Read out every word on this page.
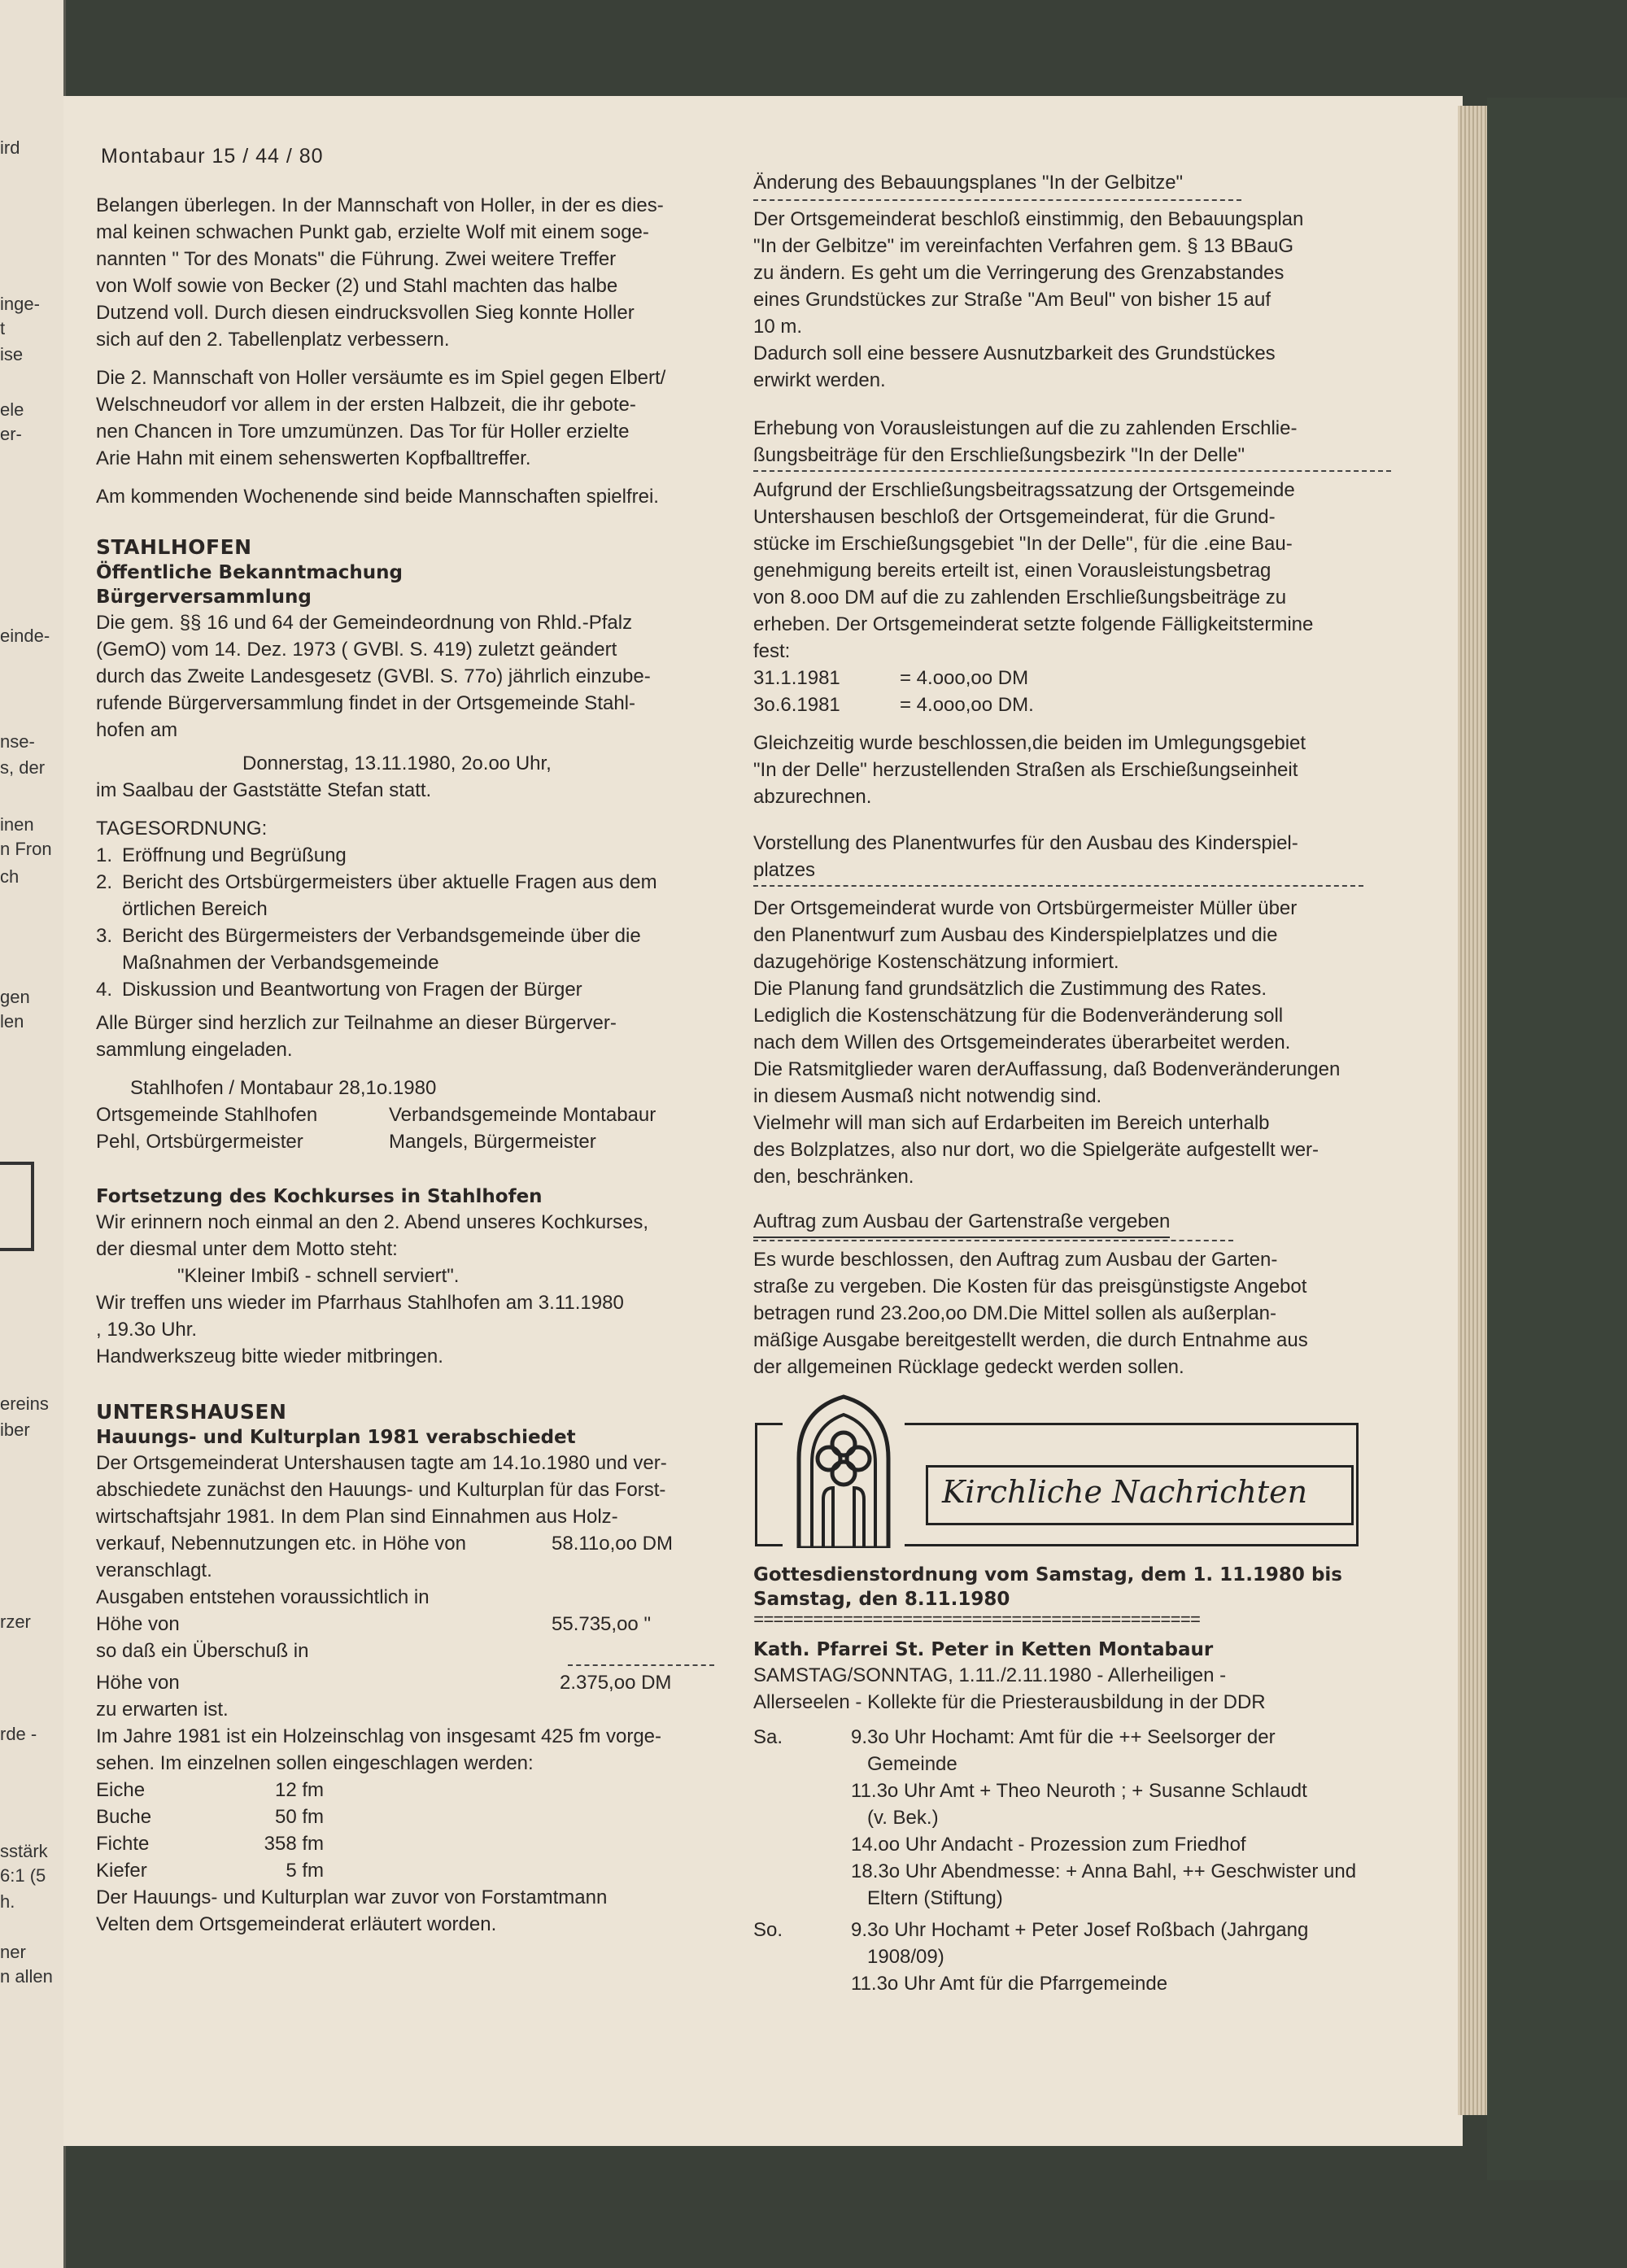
ird
inge-
t
ise
ele
er-
einde-
nse-
s, der
inen
n Fron
ch
gen
len
ereins
iber
rzer
rde -
sstärk
6:1 (5
h.
ner
n allen
Montabaur 15 / 44 / 80

Belangen überlegen. In der Mannschaft von Holler, in der es dies-

mal keinen schwachen Punkt gab, erzielte Wolf mit einem soge-

nannten " Tor des Monats" die Führung. Zwei weitere Treffer

von Wolf sowie von Becker (2) und Stahl machten das halbe

Dutzend voll. Durch diesen eindrucksvollen Sieg konnte Holler

sich auf den 2. Tabellenplatz verbessern.

Die 2. Mannschaft von Holler versäumte es im Spiel gegen Elbert/

Welschneudorf vor allem in der ersten Halbzeit, die ihr gebote-

nen Chancen in Tore umzumünzen. Das Tor für Holler erzielte

Arie Hahn mit einem sehenswerten Kopfballtreffer.

Am kommenden Wochenende sind beide Mannschaften spielfrei.

STAHLHOFEN
Öffentliche Bekanntmachung
Bürgerversammlung

Die gem. §§ 16 und 64 der Gemeindeordnung von Rhld.-Pfalz

(GemO) vom 14. Dez. 1973 ( GVBl. S. 419) zuletzt geändert

durch das Zweite Landesgesetz (GVBl. S. 77o) jährlich einzube-

rufende Bürgerversammlung findet in der Ortsgemeinde Stahl-

hofen am

Donnerstag, 13.11.1980, 2o.oo Uhr,

im Saalbau der Gaststätte Stefan statt.

TAGESORDNUNG:

1. Eröffnung und Begrüßung

2. Bericht des Ortsbürgermeisters über aktuelle Fragen aus dem

örtlichen Bereich

3. Bericht des Bürgermeisters der Verbandsgemeinde über die

Maßnahmen der Verbandsgemeinde

4. Diskussion und Beantwortung von Fragen der Bürger

Alle Bürger sind herzlich zur Teilnahme an dieser Bürgerver-

sammlung eingeladen.

Stahlhofen / Montabaur 28,1o.1980

Ortsgemeinde Stahlhofen	Verbandsgemeinde Montabaur
Pehl, Ortsbürgermeister	Mangels, Bürgermeister
Fortsetzung des Kochkurses in Stahlhofen

Wir erinnern noch einmal an den 2. Abend unseres Kochkurses,

der diesmal unter dem Motto steht:

"Kleiner Imbiß - schnell serviert".

Wir treffen uns wieder im Pfarrhaus Stahlhofen am 3.11.1980

, 19.3o Uhr.

Handwerkszeug bitte wieder mitbringen.

UNTERSHAUSEN
Hauungs- und Kulturplan 1981 verabschiedet

Der Ortsgemeinderat Untershausen tagte am 14.1o.1980 und ver-

abschiedete zunächst den Hauungs- und Kulturplan für das Forst-

wirtschaftsjahr 1981. In dem Plan sind Einnahmen aus Holz-

verkauf, Nebennutzungen etc. in Höhe von	58.11o,oo DM

veranschlagt.

Ausgaben entstehen voraussichtlich in

Höhe von	55.735,oo "

so daß ein Überschuß in

Höhe von	2.375,oo DM

zu erwarten ist.

Im Jahre 1981 ist ein Holzeinschlag von insgesamt 425 fm vorge-

sehen. Im einzelnen sollen eingeschlagen werden:

Eiche	12 fm
Buche	50 fm
Fichte	358 fm
Kiefer	5 fm

Der Hauungs- und Kulturplan war zuvor von Forstamtmann

Velten dem Ortsgemeinderat erläutert worden.

Änderung des Bebauungsplanes "In der Gelbitze"

Der Ortsgemeinderat beschloß einstimmig, den Bebauungsplan

"In der Gelbitze" im vereinfachten Verfahren gem. § 13 BBauG

zu ändern. Es geht um die Verringerung des Grenzabstandes

eines Grundstückes zur Straße "Am Beul" von bisher 15 auf

10 m.

Dadurch soll eine bessere Ausnutzbarkeit des Grundstückes

erwirkt werden.

Erhebung von Vorausleistungen auf die zu zahlenden Erschlie-

ßungsbeiträge für den Erschließungsbezirk "In der Delle"

Aufgrund der Erschließungsbeitragssatzung der Ortsgemeinde

Untershausen beschloß der Ortsgemeinderat, für die Grund-

stücke im Erschießungsgebiet "In der Delle", für die .eine Bau-

genehmigung bereits erteilt ist, einen Vorausleistungsbetrag

von 8.ooo DM auf die zu zahlenden Erschließungsbeiträge zu

erheben. Der Ortsgemeinderat setzte folgende Fälligkeitstermine

fest:

31.1.1981	= 4.ooo,oo DM
3o.6.1981	= 4.ooo,oo DM.

Gleichzeitig wurde beschlossen,die beiden im Umlegungsgebiet

"In der Delle" herzustellenden Straßen als Erschießungseinheit

abzurechnen.

Vorstellung des Planentwurfes für den Ausbau des Kinderspiel-

platzes

Der Ortsgemeinderat wurde von Ortsbürgermeister Müller über

den Planentwurf zum Ausbau des Kinderspielplatzes und die

dazugehörige Kostenschätzung informiert.

Die Planung fand grundsätzlich die Zustimmung des Rates.

Lediglich die Kostenschätzung für die Bodenveränderung soll

nach dem Willen des Ortsgemeinderates überarbeitet werden.

Die Ratsmitglieder waren derAuffassung, daß Bodenveränderungen

in diesem Ausmaß nicht notwendig sind.

Vielmehr will man sich auf Erdarbeiten im Bereich unterhalb

des Bolzplatzes, also nur dort, wo die Spielgeräte aufgestellt wer-

den, beschränken.

Auftrag zum Ausbau der Gartenstraße vergeben

Es wurde beschlossen, den Auftrag zum Ausbau der Garten-

straße zu vergeben. Die Kosten für das preisgünstigste Angebot

betragen rund 23.2oo,oo DM.Die Mittel sollen als außerplan-

mäßige Ausgabe bereitgestellt werden, die durch Entnahme aus

der allgemeinen Rücklage gedeckt werden sollen.

Kirchliche Nachrichten
Gottesdienstordnung vom Samstag, dem 1. 11.1980 bis
Samstag, den 8.11.1980
=============================================
Kath. Pfarrei St. Peter in Ketten Montabaur

SAMSTAG/SONNTAG, 1.11./2.11.1980 - Allerheiligen -

Allerseelen - Kollekte für die Priesterausbildung in der DDR

Sa.	9.3o Uhr Hochamt: Amt für die ++ Seelsorger der

Gemeinde

11.3o Uhr Amt + Theo Neuroth ; + Susanne Schlaudt

(v. Bek.)

14.oo Uhr Andacht - Prozession zum Friedhof

18.3o Uhr Abendmesse: + Anna Bahl, ++ Geschwister und

Eltern (Stiftung)

So.	9.3o Uhr Hochamt + Peter Josef Roßbach (Jahrgang

1908/09)

11.3o Uhr Amt für die Pfarrgemeinde
